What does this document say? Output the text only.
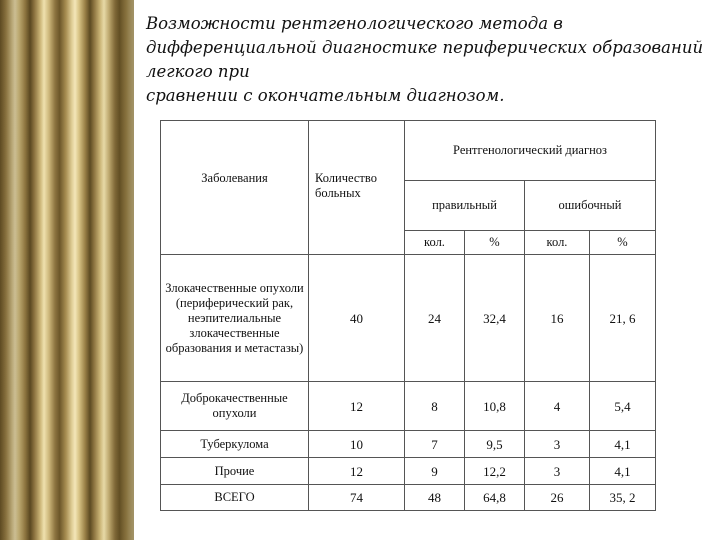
Возможности рентгенологического метода в
дифференциальной диагностике периферических образований
легкого при
сравнении с окончательным диагнозом.
Заболевания	Количество больных	Рентгенологический диагноз			
		правильный		ошибочный	
		кол.	%	кол.	%
Злокачественные опухоли (периферический рак, неэпителиальные злокачественные образования и метастазы)	40	24	32,4	16	21, 6
Доброкачественные опухоли	12	8	10,8	4	5,4
Туберкулома	10	7	9,5	3	4,1
Прочие	12	9	12,2	3	4,1
ВСЕГО	74	48	64,8	26	35, 2
